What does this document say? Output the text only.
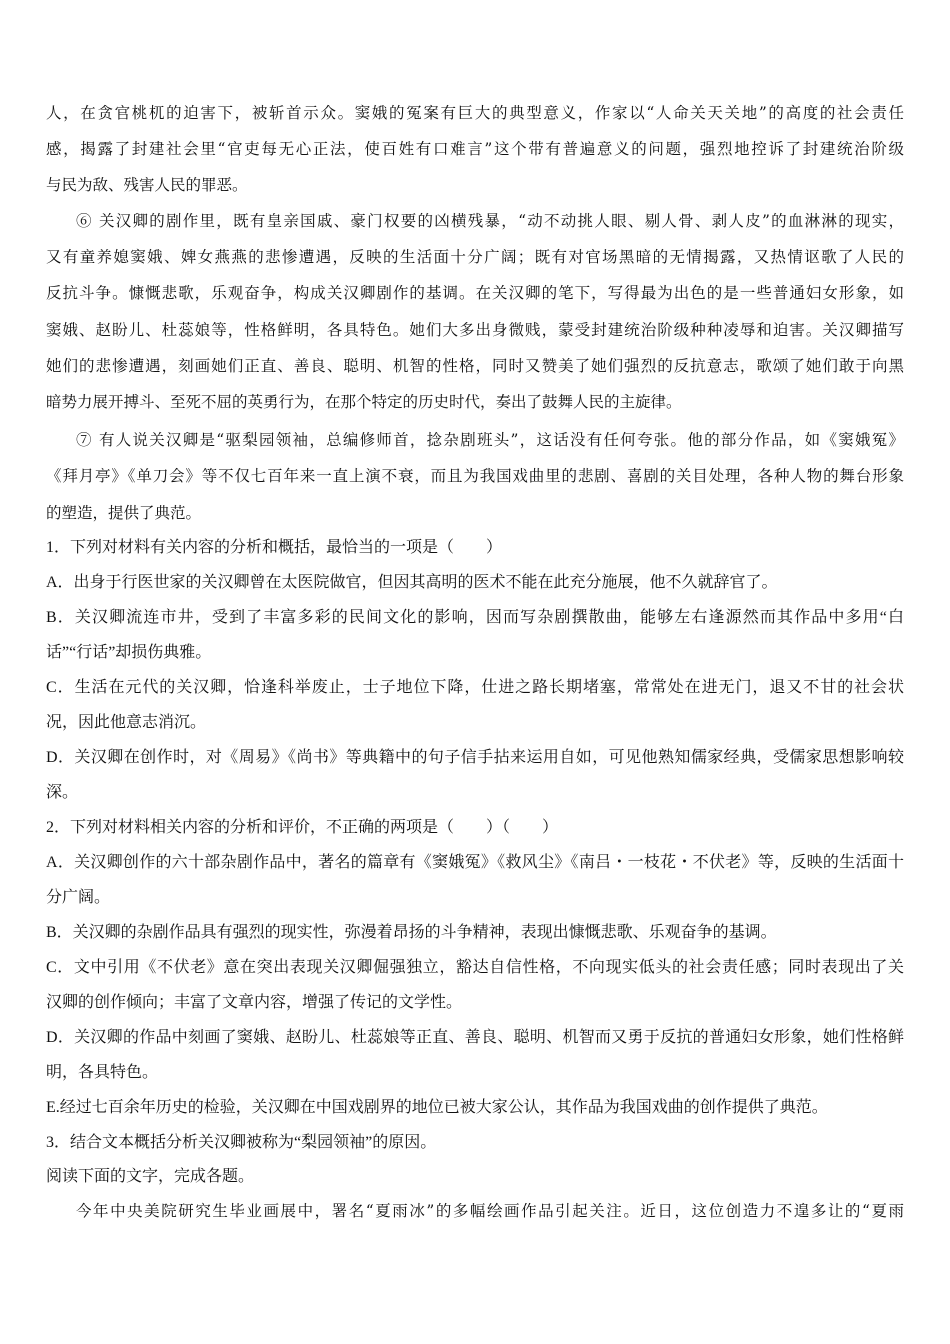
人，在贪官桃杌的迫害下，被斩首示众。窦娥的冤案有巨大的典型意义，作家以“人命关天关地”的高度的社会责任
感，揭露了封建社会里“官吏每无心正法，使百姓有口难言”这个带有普遍意义的问题，强烈地控诉了封建统治阶级
与民为敌、残害人民的罪恶。
⑥ 关汉卿的剧作里，既有皇亲国戚、豪门权要的凶横残暴，“动不动挑人眼、剔人骨、剥人皮”的血淋淋的现实，
又有童养媳窦娥、婢女燕燕的悲惨遭遇，反映的生活面十分广阔；既有对官场黑暗的无情揭露，又热情讴歌了人民的
反抗斗争。慷慨悲歌，乐观奋争，构成关汉卿剧作的基调。在关汉卿的笔下，写得最为出色的是一些普通妇女形象，如
窦娥、赵盼儿、杜蕊娘等，性格鲜明，各具特色。她们大多出身微贱，蒙受封建统治阶级种种凌辱和迫害。关汉卿描写
她们的悲惨遭遇，刻画她们正直、善良、聪明、机智的性格，同时又赞美了她们强烈的反抗意志，歌颂了她们敢于向黑
暗势力展开搏斗、至死不屈的英勇行为，在那个特定的历史时代，奏出了鼓舞人民的主旋律。
⑦ 有人说关汉卿是“驱梨园领袖，总编修师首，捻杂剧班头”，这话没有任何夸张。他的部分作品，如《窦娥冤》
《拜月亭》《单刀会》等不仅七百年来一直上演不衰，而且为我国戏曲里的悲剧、喜剧的关目处理，各种人物的舞台形象
的塑造，提供了典范。
1．下列对材料有关内容的分析和概括，最恰当的一项是（　　）
A．出身于行医世家的关汉卿曾在太医院做官，但因其高明的医术不能在此充分施展，他不久就辞官了。
B．关汉卿流连市井，受到了丰富多彩的民间文化的影响，因而写杂剧撰散曲，能够左右逢源然而其作品中多用“白
话”“行话”却损伤典雅。
C．生活在元代的关汉卿，恰逢科举废止，士子地位下降，仕进之路长期堵塞，常常处在进无门，退又不甘的社会状
况，因此他意志消沉。
D．关汉卿在创作时，对《周易》《尚书》等典籍中的句子信手拈来运用自如，可见他熟知儒家经典，受儒家思想影响较
深。
2．下列对材料相关内容的分析和评价，不正确的两项是（　　）（　　）
A．关汉卿创作的六十部杂剧作品中，著名的篇章有《窦娥冤》《救风尘》《南吕・一枝花・不伏老》等，反映的生活面十
分广阔。
B．关汉卿的杂剧作品具有强烈的现实性，弥漫着昂扬的斗争精神，表现出慷慨悲歌、乐观奋争的基调。
C．文中引用《不伏老》意在突出表现关汉卿倔强独立，豁达自信性格，不向现实低头的社会责任感；同时表现出了关
汉卿的创作倾向；丰富了文章内容，增强了传记的文学性。
D．关汉卿的作品中刻画了窦娥、赵盼儿、杜蕊娘等正直、善良、聪明、机智而又勇于反抗的普通妇女形象，她们性格鲜
明，各具特色。
E.经过七百余年历史的检验，关汉卿在中国戏剧界的地位已被大家公认，其作品为我国戏曲的创作提供了典范。
3．结合文本概括分析关汉卿被称为“梨园领袖”的原因。
阅读下面的文字，完成各题。
今年中央美院研究生毕业画展中，署名“夏雨冰”的多幅绘画作品引起关注。近日，这位创造力不遑多让的“夏雨
